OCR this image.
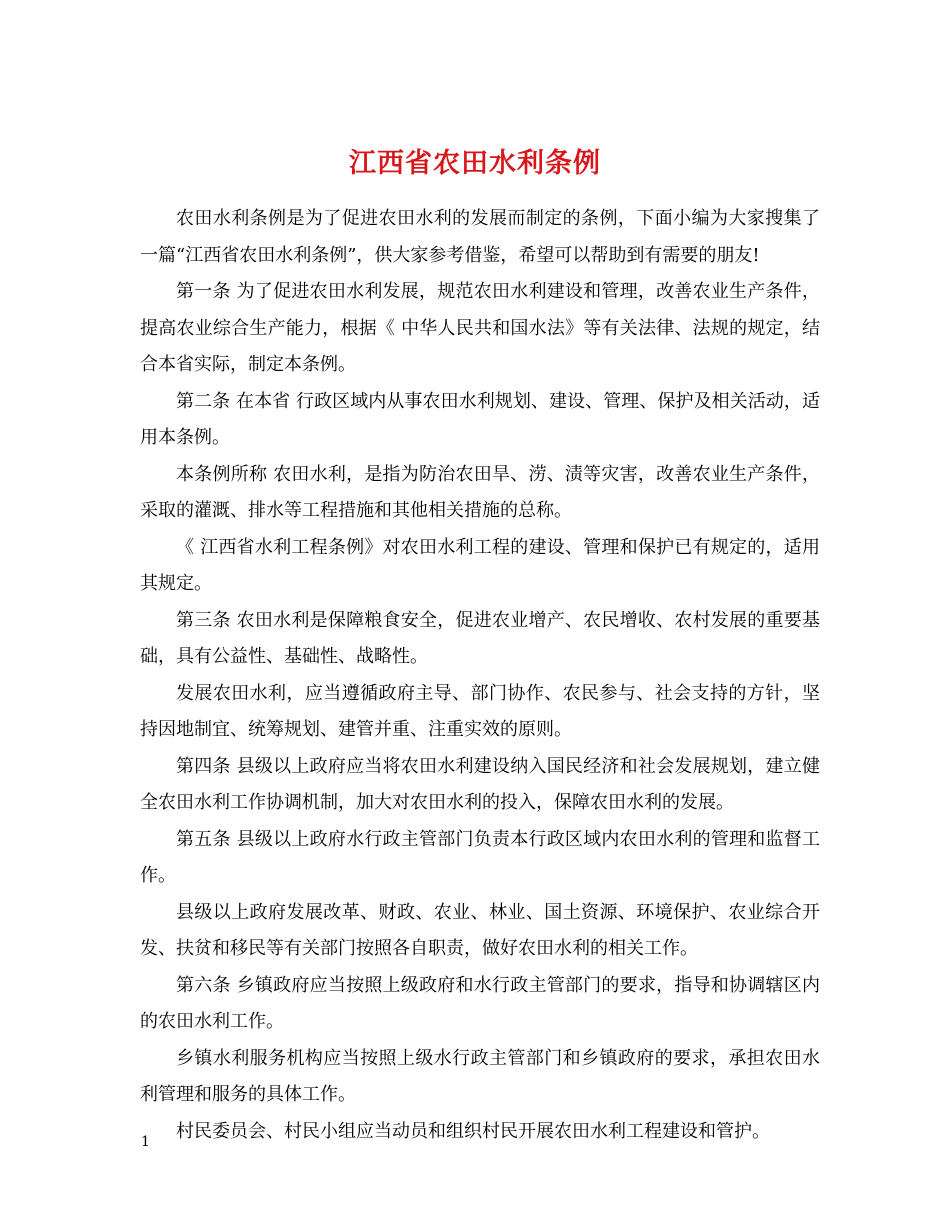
江西省农田水利条例

农田水利条例是为了促进农田水利的发展而制定的条例，下面小编为大家搜集了一篇“江西省农田水利条例”，供大家参考借鉴，希望可以帮助到有需要的朋友!

第一条 为了促进农田水利发展，规范农田水利建设和管理，改善农业生产条件，提高农业综合生产能力，根据《 中华人民共和国水法》等有关法律、法规的规定，结合本省实际，制定本条例。

第二条 在本省 行政区域内从事农田水利规划、建设、管理、保护及相关活动，适用本条例。

本条例所称 农田水利，是指为防治农田旱、涝、渍等灾害，改善农业生产条件，采取的灌溉、排水等工程措施和其他相关措施的总称。

《 江西省水利工程条例》对农田水利工程的建设、管理和保护已有规定的，适用其规定。

第三条 农田水利是保障粮食安全，促进农业增产、农民增收、农村发展的重要基础，具有公益性、基础性、战略性。

发展农田水利，应当遵循政府主导、部门协作、农民参与、社会支持的方针，坚持因地制宜、统筹规划、建管并重、注重实效的原则。

第四条 县级以上政府应当将农田水利建设纳入国民经济和社会发展规划，建立健全农田水利工作协调机制，加大对农田水利的投入，保障农田水利的发展。

第五条 县级以上政府水行政主管部门负责本行政区域内农田水利的管理和监督工作。

县级以上政府发展改革、财政、农业、林业、国土资源、环境保护、农业综合开发、扶贫和移民等有关部门按照各自职责，做好农田水利的相关工作。

第六条 乡镇政府应当按照上级政府和水行政主管部门的要求，指导和协调辖区内的农田水利工作。

乡镇水利服务机构应当按照上级水行政主管部门和乡镇政府的要求，承担农田水利管理和服务的具体工作。

村民委员会、村民小组应当动员和组织村民开展农田水利工程建设和管护。

1
